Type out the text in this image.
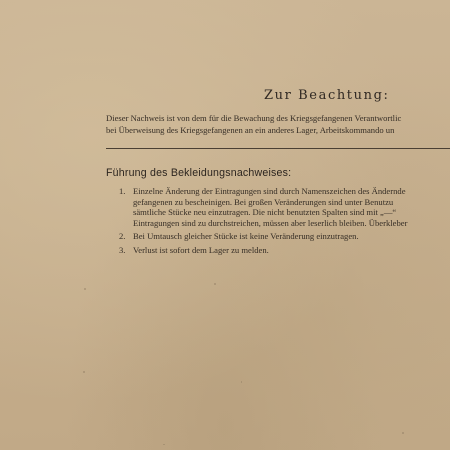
Zur Beachtung:
Dieser Nachweis ist von dem für die Bewachung des Kriegsgefangenen Verantwortlic
bei Überweisung des Kriegsgefangenen an ein anderes Lager, Arbeitskommando un
Führung des Bekleidungsnachweises:
1. Einzelne Änderung der Eintragungen sind durch Namenszeichen des Ändernde
gefangenen zu bescheinigen. Bei großen Veränderungen sind unter Benutzu
sämtliche Stücke neu einzutragen. Die nicht benutzten Spalten sind mit „—“
Eintragungen sind zu durchstreichen, müssen aber leserlich bleiben. Überkleber
2. Bei Umtausch gleicher Stücke ist keine Veränderung einzutragen.
3. Verlust ist sofort dem Lager zu melden.
